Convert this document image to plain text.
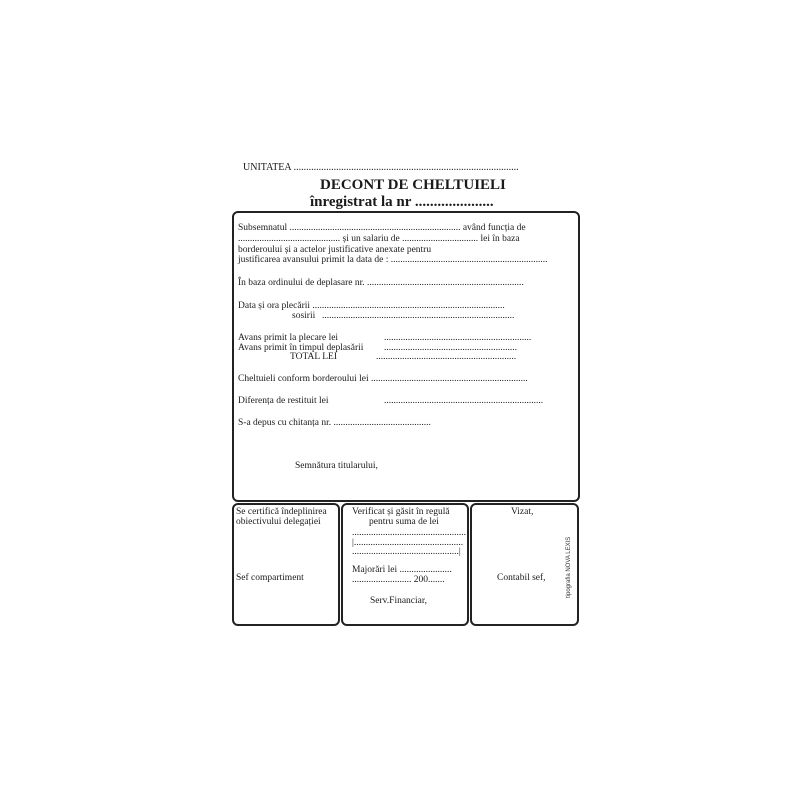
UNITATEA ..........................................................................................
DECONT DE CHELTUIELI
înregistrat la nr .....................
Subsemnatul ........................................................................ având funcția de
........................................... și un salariu de ................................ lei în baza
borderoului și a actelor justificative anexate pentru
justificarea avansului primit la data de : ..................................................................
În baza ordinului de deplasare nr. ..................................................................
Data și ora plecării .................................................................................
sosirii .................................................................................
Avans primit la plecare lei	..............................................................
Avans primit în timpul deplasării ........................................................
TOTAL LEI	...........................................................
Cheltuieli conform borderoului lei ..................................................................
Diferența de restituit lei	...................................................................
S-a depus cu chitanța nr. .........................................
Semnătura titularului,
Se certifică îndeplinirea
obiectivului delegației
Sef compartiment
Verificat și găsit în regulă
pentru suma de lei
................................................
|..............................................
.............................................|
Majorări lei ......................
......................... 200.......
Serv.Financiar,
Vizat,
Contabil sef,	tipografia NOVA LEXIS
